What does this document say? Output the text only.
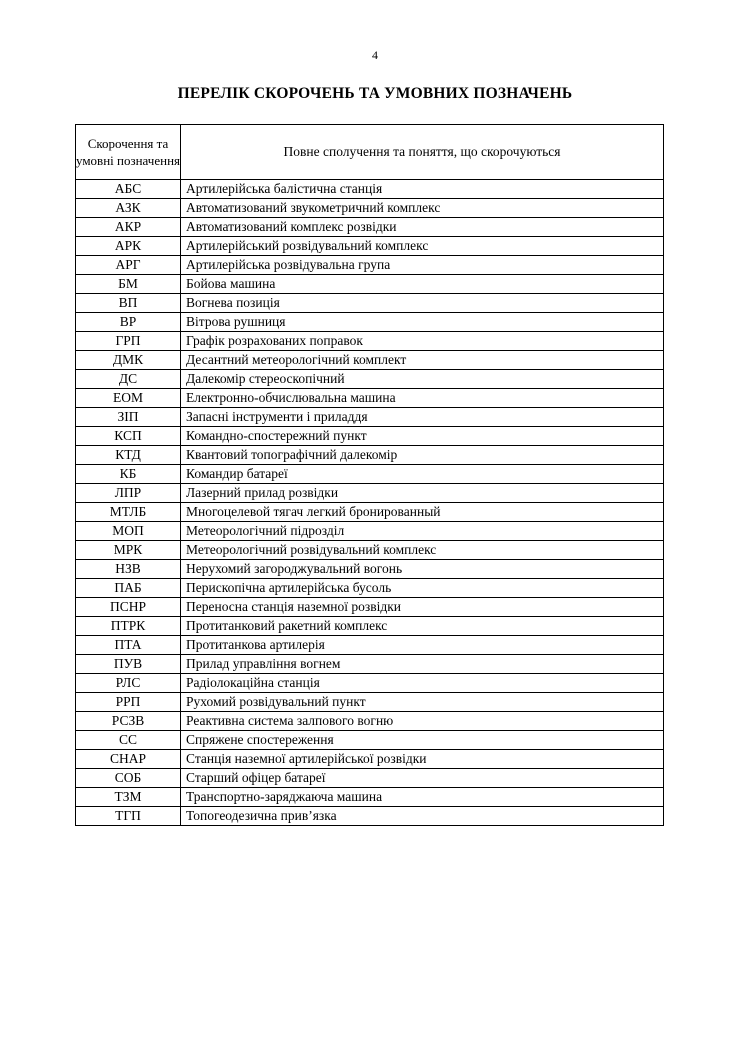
4
ПЕРЕЛІК СКОРОЧЕНЬ ТА УМОВНИХ ПОЗНАЧЕНЬ
Скорочення та умовні позначення	Повне сполучення та поняття, що скорочуються
АБС	Артилерійська балістична станція
АЗК	Автоматизований звукометричний комплекс
АКР	Автоматизований комплекс розвідки
АРК	Артилерійський розвідувальний комплекс
АРГ	Артилерійська розвідувальна група
БМ	Бойова машина
ВП	Вогнева позиція
ВР	Вітрова рушниця
ГРП	Графік розрахованих поправок
ДМК	Десантний метеорологічний комплект
ДС	Далекомір стереоскопічний
ЕОМ	Електронно-обчислювальна машина
ЗІП	Запасні інструменти і приладдя
КСП	Командно-спостережний пункт
КТД	Квантовий топографічний далекомір
КБ	Командир батареї
ЛПР	Лазерний прилад розвідки
МТЛБ	Многоцелевой тягач легкий бронированный
МОП	Метеорологічний підрозділ
МРК	Метеорологічний розвідувальний комплекс
НЗВ	Нерухомий загороджувальний вогонь
ПАБ	Перископічна артилерійська бусоль
ПСНР	Переносна станція наземної розвідки
ПТРК	Протитанковий ракетний комплекс
ПТА	Протитанкова артилерія
ПУВ	Прилад управління вогнем
РЛС	Радіолокаційна станція
РРП	Рухомий розвідувальний пункт
РСЗВ	Реактивна система залпового вогню
СС	Спряжене спостереження
СНАР	Станція наземної артилерійської розвідки
СОБ	Старший офіцер батареї
ТЗМ	Транспортно-заряджаюча машина
ТГП	Топогеодезична прив’язка
